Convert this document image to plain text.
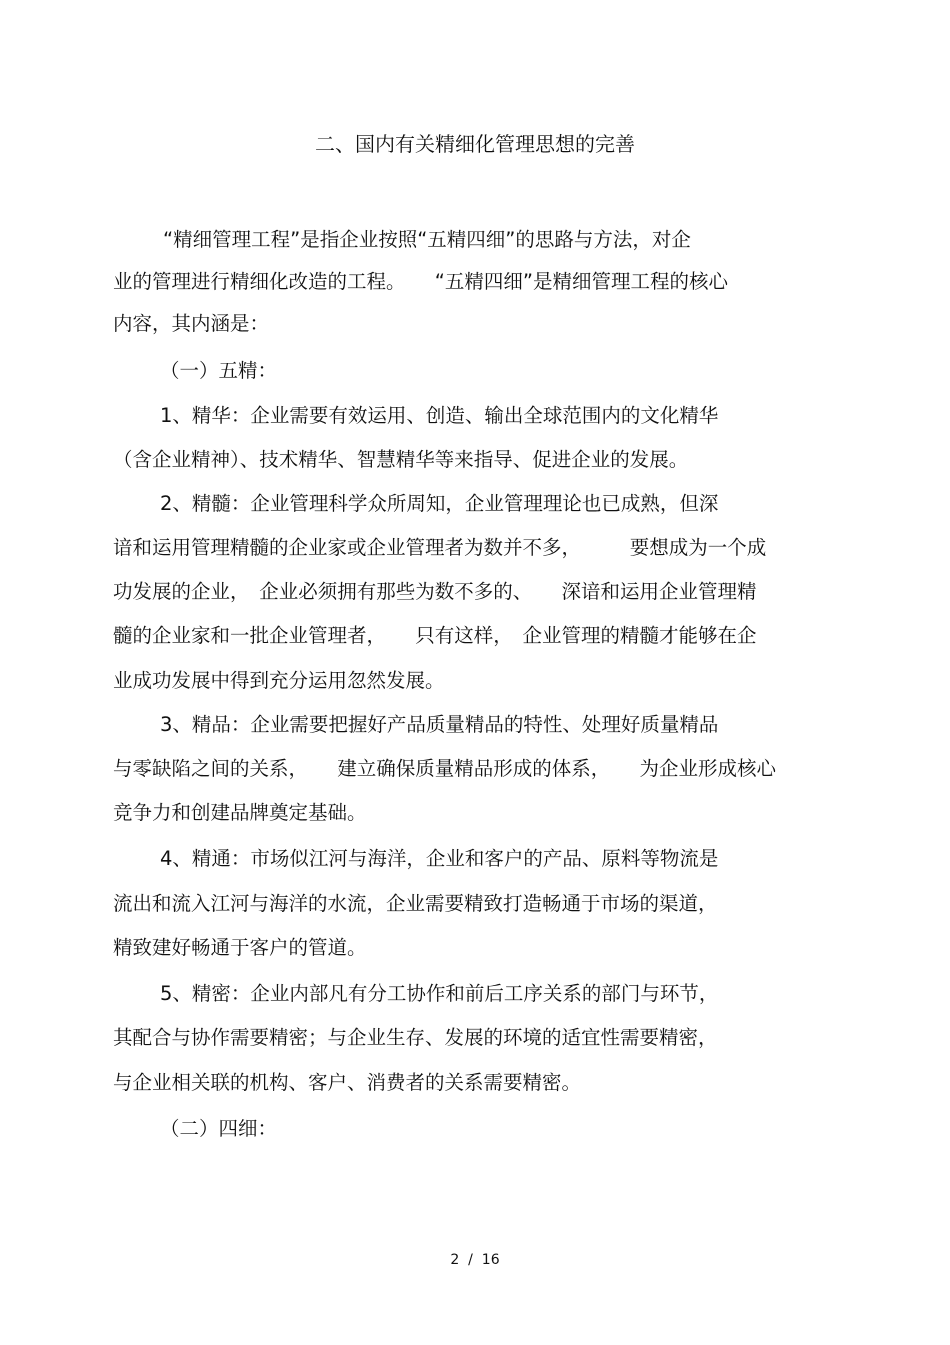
二、国内有关精细化管理思想的完善
“精细管理工程”是指企业按照“五精四细”的思路与方法，对企
业的管理进行精细化改造的工程。　　“五精四细”是精细管理工程的核心
内容，其内涵是：
（一）五精：
1、精华：企业需要有效运用、创造、输出全球范围内的文化精华
（含企业精神）、技术精华、智慧精华等来指导、促进企业的发展。
2、精髓：企业管理科学众所周知，企业管理理论也已成熟，但深
谙和运用管理精髓的企业家或企业管理者为数并不多，　　　要想成为一个成
功发展的企业，　企业必须拥有那些为数不多的、　　深谙和运用企业管理精
髓的企业家和一批企业管理者，　　只有这样，　企业管理的精髓才能够在企
业成功发展中得到充分运用忽然发展。
3、精品：企业需要把握好产品质量精品的特性、处理好质量精品
与零缺陷之间的关系，　　建立确保质量精品形成的体系，　　为企业形成核心
竞争力和创建品牌奠定基础。
4、精通：市场似江河与海洋，企业和客户的产品、原料等物流是
流出和流入江河与海洋的水流，企业需要精致打造畅通于市场的渠道，
精致建好畅通于客户的管道。
5、精密：企业内部凡有分工协作和前后工序关系的部门与环节，
其配合与协作需要精密；与企业生存、发展的环境的适宜性需要精密，
与企业相关联的机构、客户、消费者的关系需要精密。
（二）四细：
2  /  16
